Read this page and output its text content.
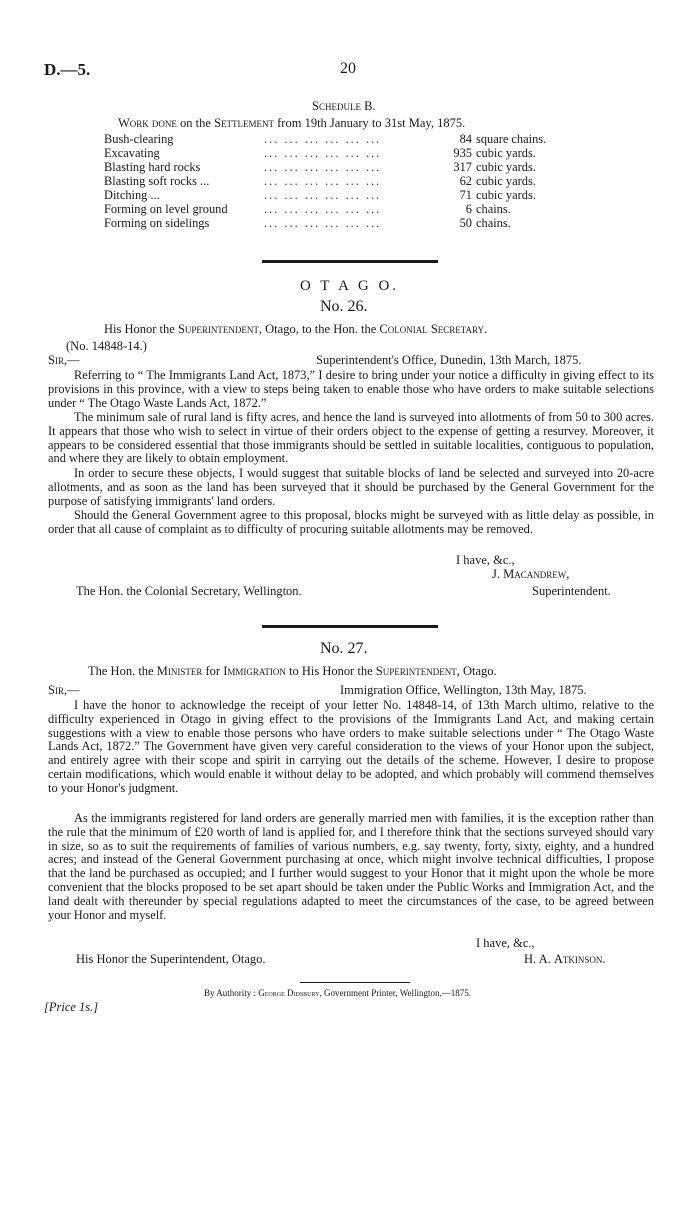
D.—5.	20
Schedule B.
Work done on the Settlement from 19th January to 31st May, 1875.
Bush-clearing	... ... ... ... ... ...	84 square chains.
Excavating	... ... ... ... ... ...	935 cubic yards.
Blasting hard rocks	... ... ... ... ... ...	317 cubic yards.
Blasting soft rocks ...	... ... ... ... ... ...	62 cubic yards.
Ditching ...	... ... ... ... ... ...	71 cubic yards.
Forming on level ground	... ... ... ... ... ...	6 chains.
Forming on sidelings	... ... ... ... ... ...	50 chains.
O T A G O.
No. 26.
His Honor the Superintendent, Otago, to the Hon. the Colonial Secretary.
(No. 14848-14.)
Sir,—	Superintendent's Office, Dunedin, 13th March, 1875.

Referring to “ The Immigrants Land Act, 1873,” I desire to bring under your notice a difficulty in giving effect to its provisions in this province, with a view to steps being taken to enable those who have orders to make suitable selections under “ The Otago Waste Lands Act, 1872.”

The minimum sale of rural land is fifty acres, and hence the land is surveyed into allotments of from 50 to 300 acres. It appears that those who wish to select in virtue of their orders object to the expense of getting a resurvey. Moreover, it appears to be considered essential that those immigrants should be settled in suitable localities, contiguous to population, and where they are likely to obtain employment.

In order to secure these objects, I would suggest that suitable blocks of land be selected and surveyed into 20-acre allotments, and as soon as the land has been surveyed that it should be purchased by the General Government for the purpose of satisfying immigrants' land orders.

Should the General Government agree to this proposal, blocks might be surveyed with as little delay as possible, in order that all cause of complaint as to difficulty of procuring suitable allotments may be removed.

I have, &c.,
J. Macandrew,
The Hon. the Colonial Secretary, Wellington.	Superintendent.
No. 27.
The Hon. the Minister for Immigration to His Honor the Superintendent, Otago.
Sir,—	Immigration Office, Wellington, 13th May, 1875.

I have the honor to acknowledge the receipt of your letter No. 14848-14, of 13th March ultimo, relative to the difficulty experienced in Otago in giving effect to the provisions of the Immigrants Land Act, and making certain suggestions with a view to enable those persons who have orders to make suitable selections under “ The Otago Waste Lands Act, 1872.” The Government have given very careful consideration to the views of your Honor upon the subject, and entirely agree with their scope and spirit in carrying out the details of the scheme. However, I desire to propose certain modifications, which would enable it without delay to be adopted, and which probably will commend themselves to your Honor's judgment.

As the immigrants registered for land orders are generally married men with families, it is the exception rather than the rule that the minimum of £20 worth of land is applied for, and I therefore think that the sections surveyed should vary in size, so as to suit the requirements of families of various numbers, e.g. say twenty, forty, sixty, eighty, and a hundred acres; and instead of the General Government purchasing at once, which might involve technical difficulties, I propose that the land be purchased as occupied; and I further would suggest to your Honor that it might upon the whole be more convenient that the blocks proposed to be set apart should be taken under the Public Works and Immigration Act, and the land dealt with thereunder by special regulations adapted to meet the circumstances of the case, to be agreed between your Honor and myself.

I have, &c.,
His Honor the Superintendent, Otago.	H. A. Atkinson.
By Authority : George Didsbury, Government Printer, Wellington.—1875.
[Price 1s.]
